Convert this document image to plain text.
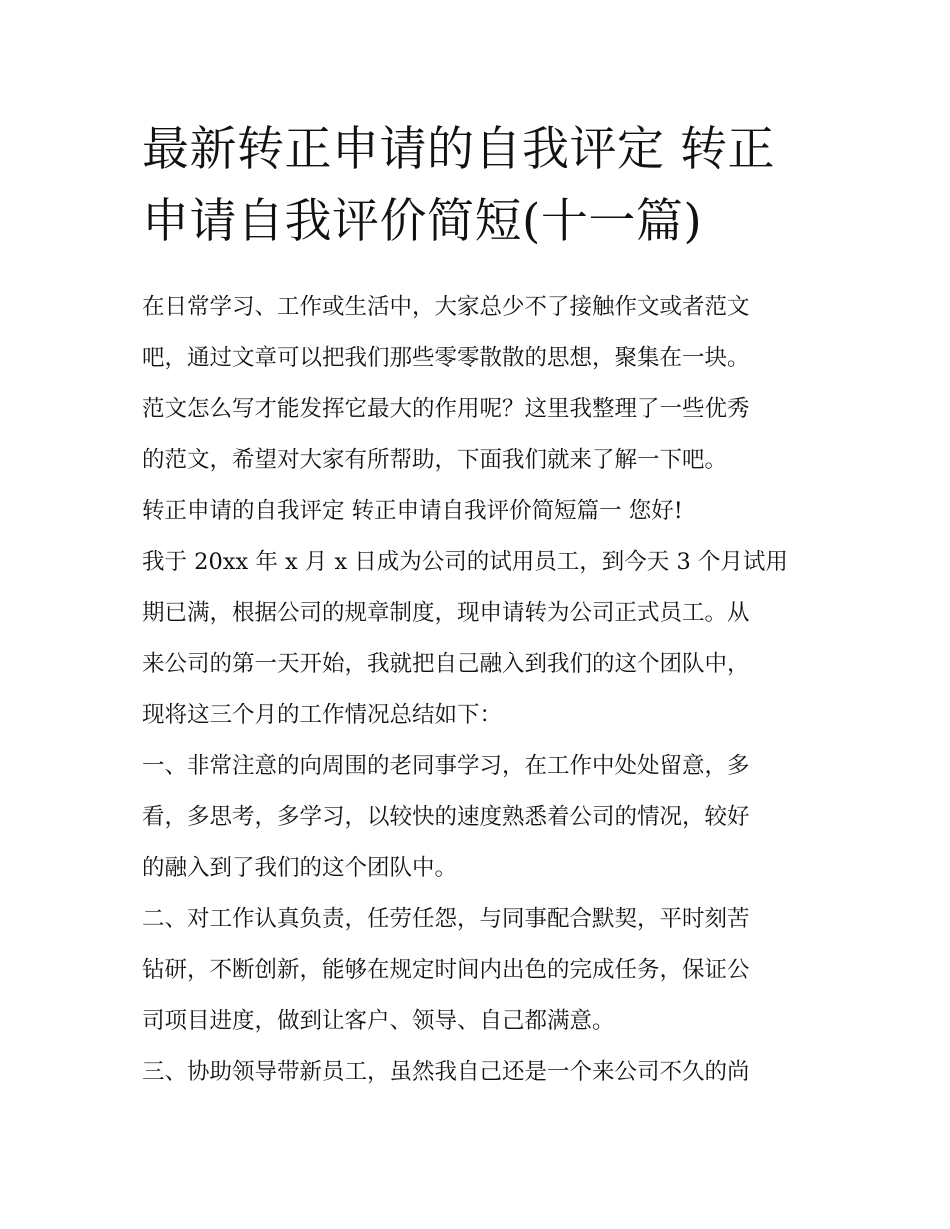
最新转正申请的自我评定 转正
申请自我评价简短(十一篇)
在日常学习、工作或生活中，大家总少不了接触作文或者范文
吧，通过文章可以把我们那些零零散散的思想，聚集在一块。
范文怎么写才能发挥它最大的作用呢？这里我整理了一些优秀
的范文，希望对大家有所帮助，下面我们就来了解一下吧。
转正申请的自我评定 转正申请自我评价简短篇一 您好!
我于 20xx 年 x 月 x 日成为公司的试用员工，到今天 3 个月试用
期已满，根据公司的规章制度，现申请转为公司正式员工。从
来公司的第一天开始，我就把自己融入到我们的这个团队中，
现将这三个月的工作情况总结如下：
一、非常注意的向周围的老同事学习，在工作中处处留意，多
看，多思考，多学习，以较快的速度熟悉着公司的情况，较好
的融入到了我们的这个团队中。
二、对工作认真负责，任劳任怨，与同事配合默契，平时刻苦
钻研，不断创新，能够在规定时间内出色的完成任务，保证公
司项目进度，做到让客户、领导、自己都满意。
三、协助领导带新员工，虽然我自己还是一个来公司不久的尚
